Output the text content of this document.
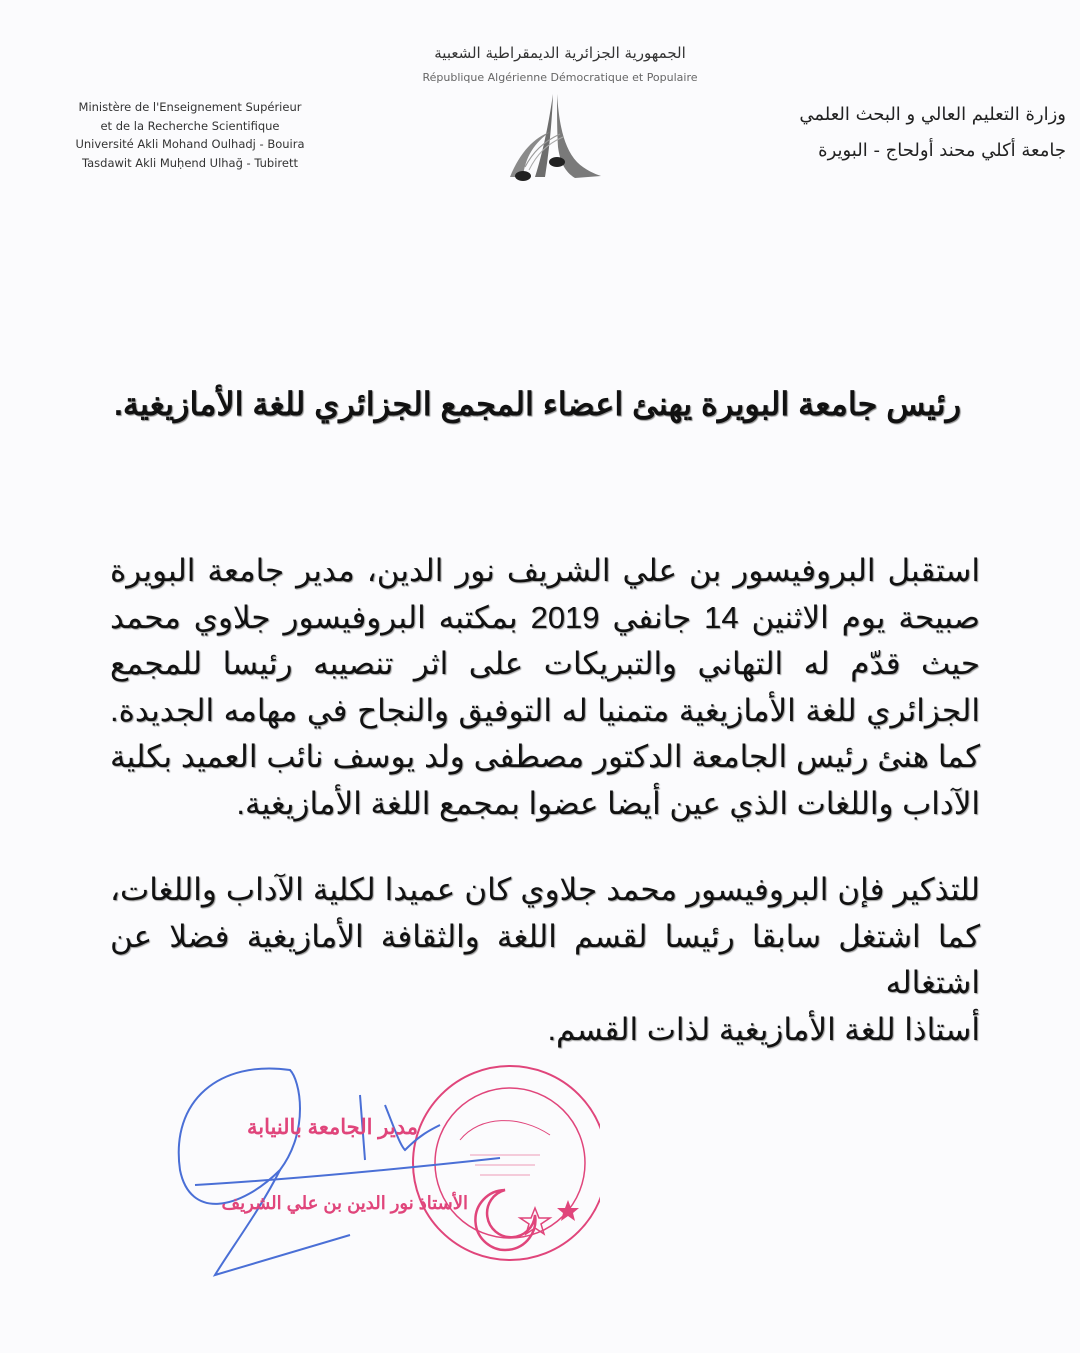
الجمهورية الجزائرية الديمقراطية الشعبية
République Algérienne Démocratique et Populaire
Ministère de l'Enseignement Supérieur
et de la Recherche Scientifique
Université Akli Mohand Oulhadj - Bouira
Tasdawit Akli Muḥend Ulhağ - Tubirett
وزارة التعليم العالي و البحث العلمي
جامعة أكلي محند أولحاج - البويرة
رئيس جامعة البويرة يهنئ اعضاء المجمع الجزائري للغة الأمازيغية.
استقبل البروفيسور بن علي الشريف نور الدين، مدير جامعة البويرة
صبيحة يوم الاثنين 14 جانفي 2019 بمكتبه البروفيسور جلاوي محمد
حيث قدّم له التهاني والتبريكات على اثر تنصيبه رئيسا للمجمع
الجزائري للغة الأمازيغية متمنيا له التوفيق والنجاح في مهامه الجديدة.
كما هنئ رئيس الجامعة الدكتور مصطفى ولد يوسف نائب العميد بكلية
الآداب واللغات الذي عين أيضا عضوا بمجمع اللغة الأمازيغية.
للتذكير فإن البروفيسور محمد جلاوي كان عميدا لكلية الآداب واللغات،
كما اشتغل سابقا رئيسا لقسم اللغة والثقافة الأمازيغية فضلا عن اشتغاله
أستاذا للغة الأمازيغية لذات القسم.
مدير الجامعة بالنيابة
الأستاذ نور الدين بن علي الشريف
